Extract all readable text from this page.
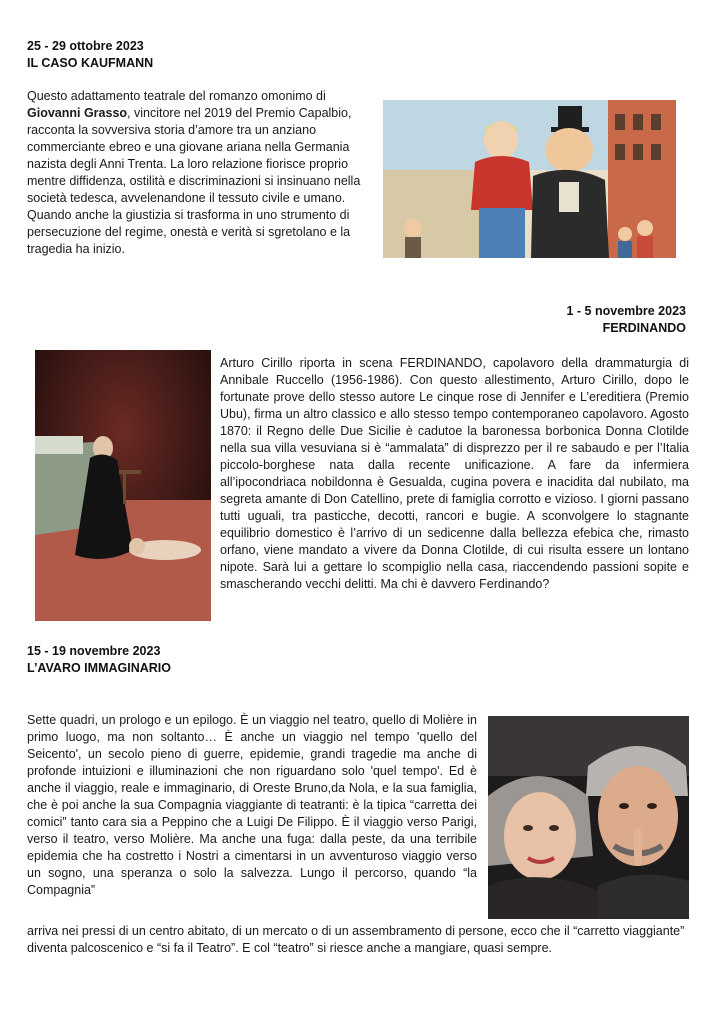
25 - 29 ottobre 2023
IL CASO KAUFMANN
Questo adattamento teatrale del romanzo omonimo di Giovanni Grasso, vincitore nel 2019 del Premio Capalbio, racconta la sovversiva storia d’amore tra un anziano commerciante ebreo e una giovane ariana nella Germania nazista degli Anni Trenta. La loro relazione fiorisce proprio mentre diffidenza, ostilità e discriminazioni si insinuano nella società tedesca, avvelenandone il tessuto civile e umano. Quando anche la giustizia si trasforma in uno strumento di persecuzione del regime, onestà e verità si sgretolano e la tragedia ha inizio.
1 - 5 novembre 2023
FERDINANDO
Arturo Cirillo riporta in scena FERDINANDO, capolavoro della drammaturgia di Annibale Ruccello (1956-1986). Con questo allestimento, Arturo Cirillo, dopo le fortunate prove dello stesso autore Le cinque rose di Jennifer e L’ereditiera (Premio Ubu), firma un altro classico e allo stesso tempo contemporaneo capolavoro. Agosto 1870: il Regno delle Due Sicilie è cadutoe la baronessa borbonica Donna Clotilde nella sua villa vesuviana si è “ammalata” di disprezzo per il re sabaudo e per l’Italia piccolo-borghese nata dalla recente unificazione. A fare da infermiera all’ipocondriaca nobildonna è Gesualda, cugina povera e inacidita dal nubilato, ma segreta amante di Don Catellino, prete di famiglia corrotto e vizioso. I giorni passano tutti uguali, tra pasticche, decotti, rancori e bugie. A sconvolgere lo stagnante equilibrio domestico è l’arrivo di un sedicenne dalla bellezza efebica che, rimasto orfano, viene mandato a vivere da Donna Clotilde, di cui risulta essere un lontano nipote. Sarà lui a gettare lo scompiglio nella casa, riaccendendo passioni sopite e smascherando vecchi delitti. Ma chi è davvero Ferdinando?
15 - 19 novembre 2023
L’AVARO IMMAGINARIO
Sette quadri, un prologo e un epilogo. È un viaggio nel teatro, quello di Molière in primo luogo, ma non soltanto… È anche un viaggio nel tempo 'quello del Seicento', un secolo pieno di guerre, epidemie, grandi tragedie ma anche di profonde intuizioni e illuminazioni che non riguardano solo 'quel tempo'. Ed è anche il viaggio, reale e immaginario, di Oreste Bruno,da Nola, e la sua famiglia, che è poi anche la sua Compagnia viaggiante di teatranti: è la tipica “carretta dei comici” tanto cara sia a Peppino che a Luigi De Filippo. È il viaggio verso Parigi, verso il teatro, verso Molière. Ma anche una fuga: dalla peste, da una terribile epidemia che ha costretto i Nostri a cimentarsi in un avventuroso viaggio verso un sogno, una speranza o solo la salvezza. Lungo il percorso, quando “la Compagnia”
arriva nei pressi di un centro abitato, di un mercato o di un assembramento di persone, ecco che il “carretto viaggiante” diventa palcoscenico e “si fa il Teatro”. E col “teatro” si riesce anche a mangiare, quasi sempre.
